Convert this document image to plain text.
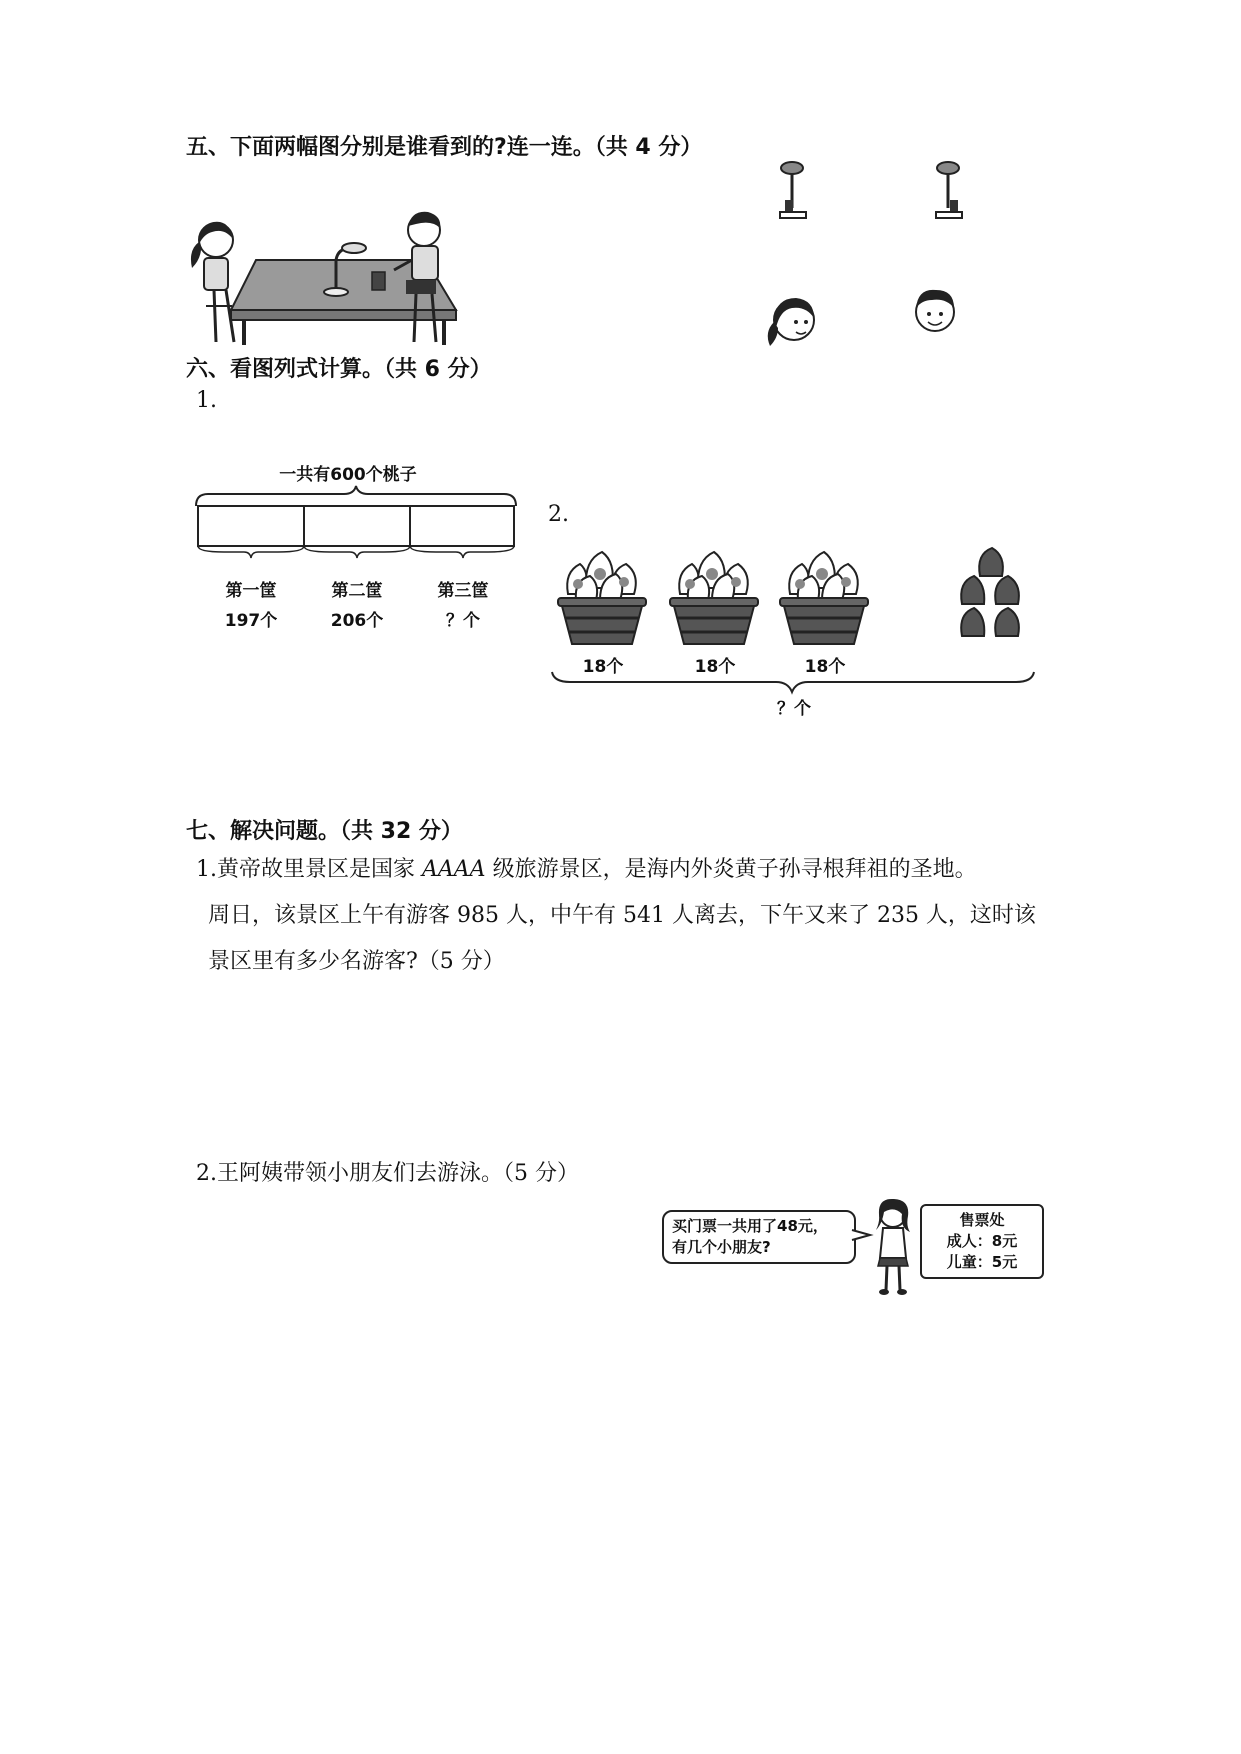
五、下面两幅图分别是谁看到的?连一连。（共 4 分）
六、看图列式计算。（共 6 分）
1.
一共有600个桃子
第一筐
197个
第二筐
206个
第三筐
？个
2.
18个	18个	18个
？个
七、解决问题。（共 32 分）
1.黄帝故里景区是国家 AAAA 级旅游景区，是海内外炎黄子孙寻根拜祖的圣地。
周日，该景区上午有游客 985 人，中午有 541 人离去，下午又来了 235 人，这时该
景区里有多少名游客?（5 分）
2.王阿姨带领小朋友们去游泳。（5 分）
买门票一共用了48元，
有几个小朋友?
售票处
成人：8元
儿童：5元
